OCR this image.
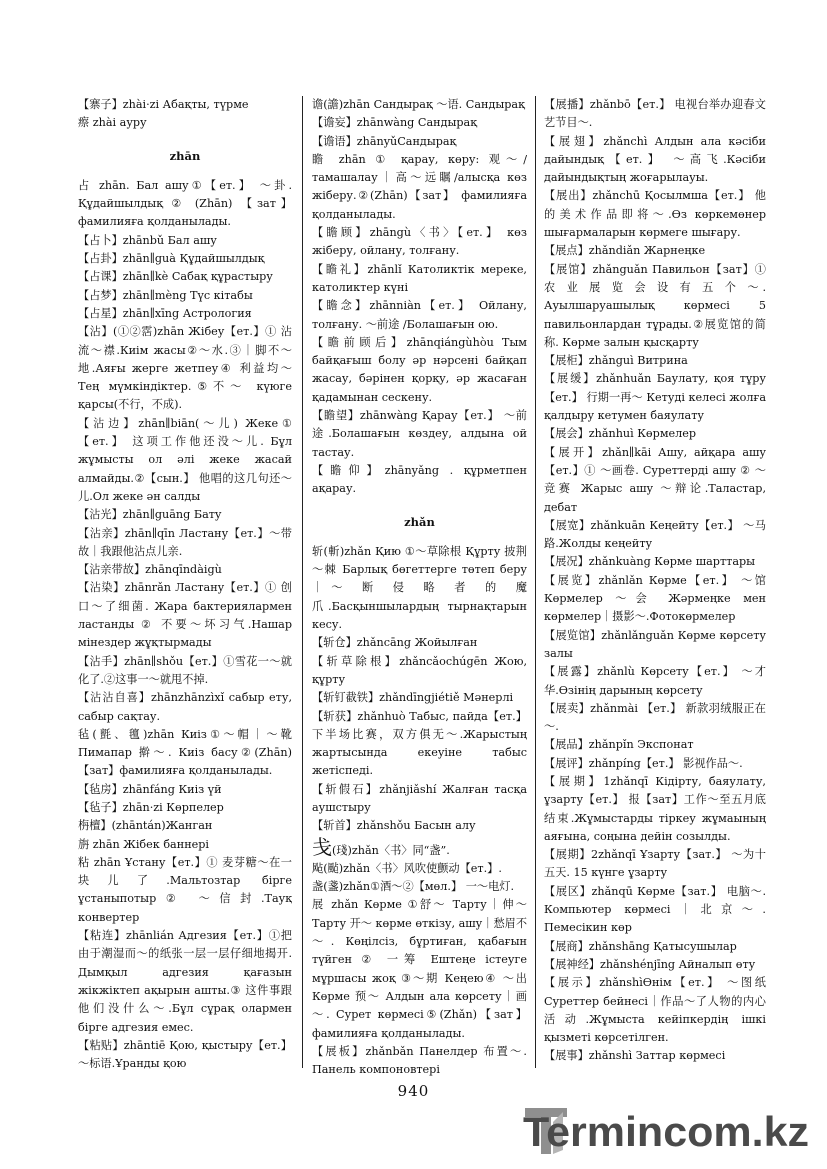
【寨子】zhài·zi Абақты, түрме

瘵 zhài ауру

zhān

占 zhān. Бал ашу①【ет.】 ～卦. Құдайшылдық ② (Zhān) 【зат】 фамилияға қолданылады.

【占卜】zhānbǔ Бал ашу

【占卦】zhān∥guà Құдайшылдық

【占课】zhān∥kè Сабақ құрастыру

【占梦】zhān∥mèng Түс кітабы

【占星】zhān∥xīng Астрология

【沾】(①②霑)zhān Жібеу【ет.】① 沾流～襟.Киім жасы②～水.③｜脚不～地.Аяғы жерге жетпеу④ 利益均～ Тең мүмкіндіктер.⑤不～ күюге қарсы(不行，不成).

【沾边】zhān∥biān(～儿) Жеке①【ет.】 这项工作他还没～儿. Бұл жұмысты ол әлі жеке жасай алмайды.②【сын.】 他唱的这几句还～儿.Ол жеке ән салды

【沾光】zhān∥guāng Бату

【沾亲】zhān∥qīn Ластану【ет.】～带故｜我跟他沾点儿亲.

【沾亲带故】zhānqīndàigù

【沾染】zhānrǎn Ластану【ет.】① 创口～了细菌. Жара бактериялармен ластанды ② 不要～坏习气.Нашар мінездер жұқтырмады

【沾手】zhān∥shǒu【ет.】①雪花一～就化了.②这事一～就甩不掉.

【沾沾自喜】zhānzhānzìxǐ сабыр ету, сабыр сақтау.

毡(氈、氊)zhān Киіз①～帽｜～靴 Пимапар 擀～. Киіз басу②(Zhān)【зат】фамилияға қолданылады.

【毡房】zhānfáng Киіз үй

【毡子】zhān·zi Көрпелер

栴檀】(zhāntán)Жанган

旃 zhān Жібек баннері

粘 zhān Ұстану【ет.】① 麦芽糖～在一块儿了.Мальтозтар бірге ұстаныпотыр② ～信封.Тауқ конвертер

【粘连】zhānlián Адгезия【ет.】①把由于潮湿而～的纸张一层一层仔细地揭开. Дымқыл адгезия қағазын жікжіктеп ақырын ашты.③ 这件事跟他们没什么～.Бұл сұрақ олармен бірге адгезия емес.

【粘贴】zhāntiē Қою, қыстыру【ет.】～标语.Ұранды қою

谵(譫)zhān Сандырақ ～语. Сандырақ

【谵妄】zhānwàng Сандырақ

【谵语】zhānyǔСандырақ

瞻 zhān ① қарау, көру: 观～/ тамашалау｜高～远瞩/алысқа көз жіберу.②(Zhān)【зат】 фамилияға қолданылады.

【瞻顾】zhāngù〈书〉【ет.】 көз жіберу, ойлану, толғану.

【瞻礼】zhānlǐ Католиктік мереке, католиктер күні

【瞻念】zhānniàn【ет.】 Ойлану, толғану. ～前途 /Болашағын ою.

【瞻前顾后】zhānqiángùhòu Тым байқағыш болу әр нәрсені байқап жасау, бәрінен қорқу, әр жасаған қадамынан сескену.

【瞻望】zhānwàng Қарау【ет.】 ～前途.Болашағын көздеу, алдына ой тастау.

【瞻仰】zhānyǎng . құрметпен ақарау.

zhǎn

斩(斬)zhǎn Қию ①～草除根 Құрту 披荆～棘 Барлық бөгеттерге төтеп беру｜～ 断 侵 略 者 的 魔 爪.Басқыншылардың тырнақтарын кесу.

【斩仓】zhǎncāng Жойылған

【斩草除根】zhǎncǎochúgēn Жою, құрту

【斩钉截铁】zhǎndīngjiétiě Мәнерлі

【斩获】zhǎnhuò Табыс, пайда【ет.】下半场比赛，双方俱无～.Жарыстың жартысында екеуіне табыс жетіспеді.

【斩假石】zhǎnjiǎshí Жалған тасқа аушстыру

【斩首】zhǎnshǒu Басын алу

戋(琖)zhǎn〈书〉同“盏”.

飐(颭)zhǎn〈书〉风吹使颤动【ет.】.

盏(盞)zhǎn①酒～②【мөл.】 一～电灯.

展 zhǎn Көрме ①舒～ Тарту｜伸～ Тарту 开～ көрме өткізу, ашу｜愁眉不～. Көңілсіз, бұртиған, қабағын түйген ② 一筹 Ештеңе істеуге мұршасы жоқ ③～期 Кеңею④ ～出 Көрме 预～ Алдын ала көрсету｜画～. Сурет көрмесі⑤(Zhǎn)【зат】 фамилияға қолданылады.

【展板】zhǎnbǎn Панелдер 布置～. Панель компоновтері

【展播】zhǎnbō【ет.】 电视台举办迎春文艺节目～.

【展翅】zhǎnchì Алдын ала кәсіби дайындық【ет.】 ～高飞.Кәсіби дайындықтың жоғарылауы.

【展出】zhǎnchū Қосылмша【ет.】 他的美术作品即将～.Өз көркемөнер шығармаларын көрмеге шығару.

【展点】zhǎndiǎn Жарнеңке

【展馆】zhǎnguǎn Павильон【зат】① 农 业 展 览 会 设 有 五 个 ～. Ауылшаруашылық көрмесі 5 павильонлардан тұрады.②展览馆的简称. Көрме залын қысқарту

【展柜】zhǎnguì Витрина

【展缓】zhǎnhuǎn Баулату, қоя тұру【ет.】 行期一再～ Кетуді келесі жолға қалдыру кетумен баяулату

【展会】zhǎnhuì Көрмелер

【展开】zhǎn∥kāi Ашу, айқара ашу【ет.】① ～画卷. Суреттерді ашу ② ～竞赛 Жарыс ашу ～辩论.Таластар, дебат

【展宽】zhǎnkuān Кеңейту【ет.】 ～马路.Жолды кеңейту

【展况】zhǎnkuàng Көрме шарттары

【展览】zhǎnlǎn Көрме【ет.】 ～馆 Көрмелер ～会 Жәрмеңке мен көрмелер｜摄影～.Фотокөрмелер

【展览馆】zhǎnlǎnguǎn Көрме көрсету залы

【展露】zhǎnlù Көрсету【ет.】 ～才华.Өзінің дарының көрсету

【展卖】zhǎnmài 【ет.】 新款羽绒服正在～.

【展品】zhǎnpǐn Экспонат

【展评】zhǎnpíng【ет.】 影视作品～.

【展期】1zhǎnqī Кідірту, баяулату, ұзарту【ет.】 报【зат】工作～至五月底结束.Жұмыстарды тіркеу жұмаының аяғына, соңына дейін созылды.

【展期】2zhǎnqī Ұзарту【зат.】 ～为十五天. 15 күнге ұзарту

【展区】zhǎnqū Көрме【зат.】 电脑～. Компьютер көрмесі｜北京～. Пемесікин көр

【展商】zhǎnshāng Қатысушылар

【展神经】zhǎnshénjīng Айналып өту

【展示】zhǎnshìӨнім【ет.】 ～图纸 Суреттер бейнесі｜作品～了人物的内心活动.Жұмыста кейіпкердің ішкі қызметі көрсетілген.

【展事】zhǎnshì Заттар көрмесі

940
Termincom.kz
